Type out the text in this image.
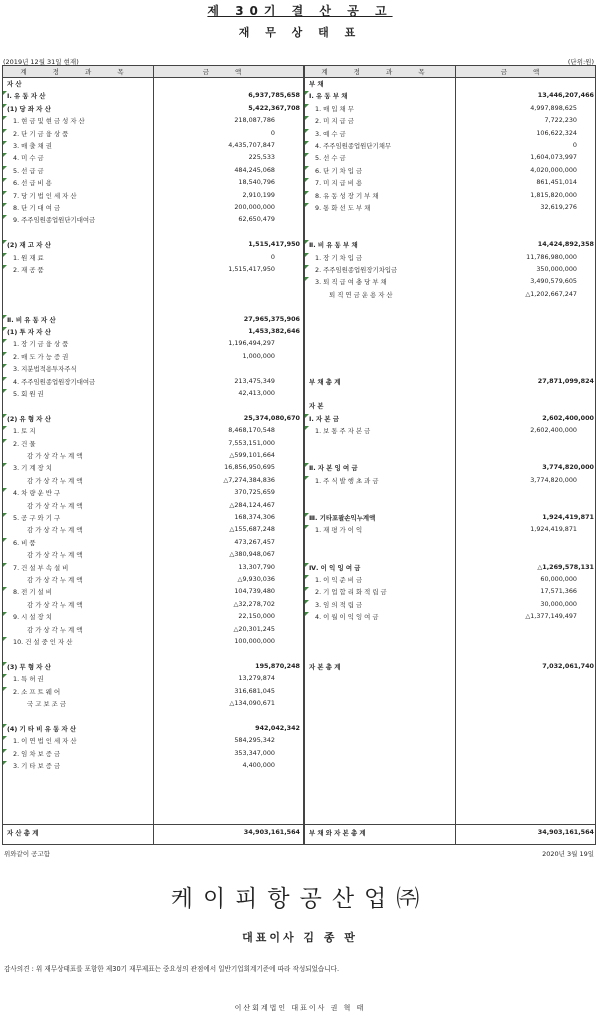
제 30기 결 산 공 고
재 무 상 태 표
(2019년 12월 31일 현재)	(단위:원)
계 정 과 목	금 액	계 정 과 목	금 액
자 산
Ⅰ. 유 동 자 산	6,937,785,658
(1) 당 좌 자 산	5,422,367,708
1. 현 금 및 현 금 성 자 산	218,087,786
2. 단 기 금 융 상 품	0
3. 매 출 채 권	4,435,707,847
4. 미 수 금	225,533
5. 선 급 금	484,245,068
6. 선 급 비 용	18,540,796
7. 당 기 법 인 세 자 산	2,910,199
8. 단 기 대 여 금	200,000,000
9. 주주임원종업원단기대여금	62,650,479
(2) 재 고 자 산	1,515,417,950
1. 원 재 료	0
2. 재 공 품	1,515,417,950
Ⅱ. 비 유 동 자 산	27,965,375,906
(1) 투 자 자 산	1,453,382,646
1. 장 기 금 융 상 품	1,196,494,297
2. 매 도 가 능 증 권	1,000,000
3. 지분법적용투자주식
4. 주주임원종업원장기대여금	213,475,349
5. 회 원 권	42,413,000
(2) 유 형 자 산	25,374,080,670
1. 토 지	8,468,170,548
2. 건 물	7,553,151,000
감 가 상 각 누 계 액	△599,101,664
3. 기 계 장 치	16,856,950,695
감 가 상 각 누 계 액	△7,274,384,836
4. 차 량 운 반 구	370,725,659
감 가 상 각 누 계 액	△284,124,467
5. 공 구 와 기 구	168,374,306
감 가 상 각 누 계 액	△155,687,248
6. 비 품	473,267,457
감 가 상 각 누 계 액	△380,948,067
7. 건 설 부 속 설 비	13,307,790
감 가 상 각 누 계 액	△9,930,036
8. 전 기 설 비	104,739,480
감 가 상 각 누 계 액	△32,278,702
9. 시 설 장 치	22,150,000
감 가 상 각 누 계 액	△20,301,245
10. 건 설 중 인 자 산	100,000,000
(3) 무 형 자 산	195,870,248
1. 특 허 권	13,279,874
2. 소 프 트 웨 어	316,681,045
국 고 보 조 금	△134,090,671
(4) 기 타 비 유 동 자 산	942,042,342
1. 이 연 법 인 세 자 산	584,295,342
2. 임 차 보 증 금	353,347,000
3. 기 타 보 증 금	4,400,000
자 산 총 계	34,903,161,564
부 채
Ⅰ. 유 동 부 채	13,446,207,466
1. 매 입 채 무	4,997,898,625
2. 미 지 급 금	7,722,230
3. 예 수 금	106,622,324
4. 주주임원종업원단기채무	0
5. 선 수 금	1,604,073,997
6. 단 기 차 입 금	4,020,000,000
7. 미 지 급 비 용	861,451,014
8. 유 동 성 장 기 부 채	1,815,820,000
9. 통 화 선 도 부 채	32,619,276
Ⅱ. 비 유 동 부 채	14,424,892,358
1. 장 기 차 입 금	11,786,980,000
2. 주주임원종업원장기차입금	350,000,000
3. 퇴 직 급 여 충 당 부 채	3,490,579,605
퇴 직 연 금 운 용 자 산	△1,202,667,247
부 채 총 계	27,871,099,824
자 본
Ⅰ. 자 본 금	2,602,400,000
1. 보 통 주 자 본 금	2,602,400,000
Ⅱ. 자 본 잉 여 금	3,774,820,000
1. 주 식 발 행 초 과 금	3,774,820,000
Ⅲ. 기타포괄손익누계액	1,924,419,871
1. 재 평 가 이 익	1,924,419,871
Ⅳ. 이 익 잉 여 금	△1,269,578,131
1. 이 익 준 비 금	60,000,000
2. 기 업 합 리 화 적 립 금	17,571,366
3. 임 의 적 립 금	30,000,000
4. 이 월 이 익 잉 여 금	△1,377,149,497
자 본 총 계	7,032,061,740
부 채 와 자 본 총 계	34,903,161,564
위와같이 공고함	2020년 3월 19일
케이피항공산업㈜
대표이사 김 종 판
감사의견 : 위 재무상태표를 포함한 제30기 재무제표는 중요성의 관점에서 일반기업회계기준에 따라 작성되었습니다.
이산회계법인 대표이사 권 혁 태
